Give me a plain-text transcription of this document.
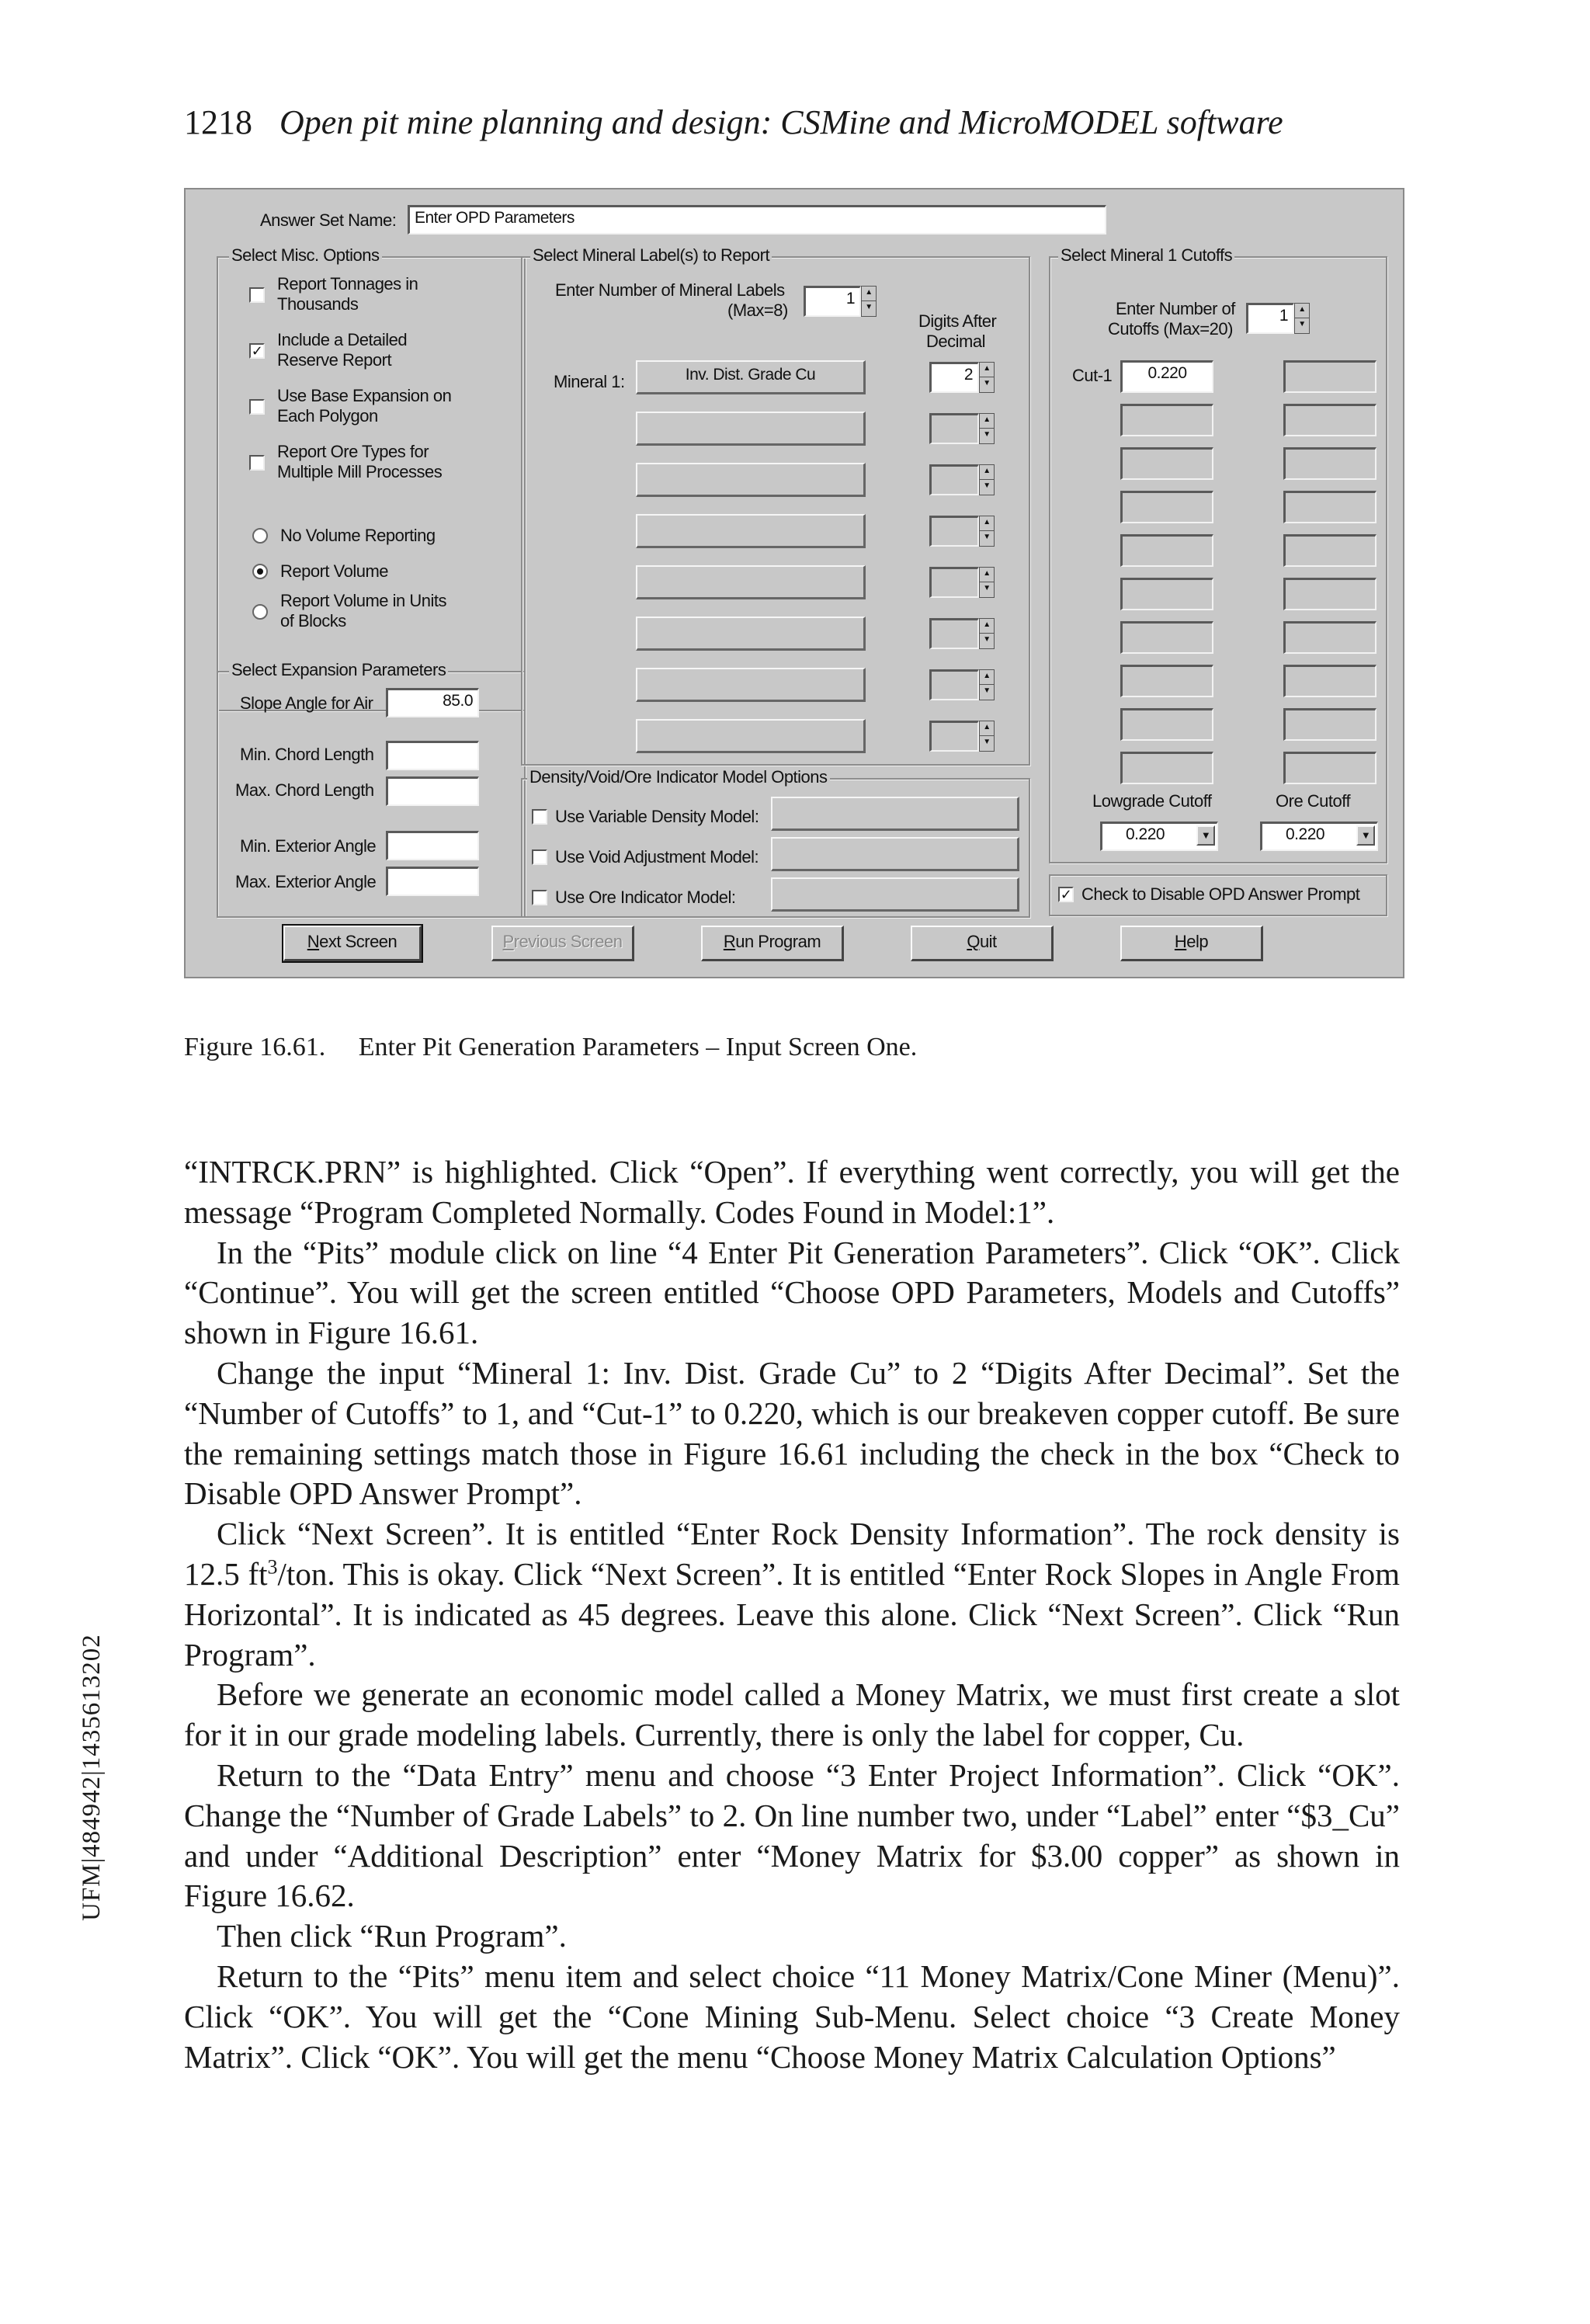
1218 Open pit mine planning and design: CSMine and MicroMODEL software
Answer Set Name:	Enter OPD Parameters
Select Misc. Options
Report Tonnages in
Thousands
✓
Include a Detailed
Reserve Report
Use Base Expansion on
Each Polygon
Report Ore Types for
Multiple Mill Processes
No Volume Reporting
Report Volume
Report Volume in Units
of Blocks
Select Expansion Parameters
Slope Angle for Air	85.0
Min. Chord Length
Max. Chord Length
Min. Exterior Angle
Max. Exterior Angle
Select Mineral Label(s) to Report
Enter Number of Mineral Labels
(Max=8)
1	▲
▼
Digits After
Decimal
Mineral 1:	Inv. Dist. Grade Cu	2	▲
▼
▲
▼
▲
▼
▲
▼
▲
▼
▲
▼
▲
▼
▲
▼
Density/Void/Ore Indicator Model Options
Use Variable Density Model:
Use Void Adjustment Model:
Use Ore Indicator Model:
Select Mineral 1 Cutoffs
Enter Number of
Cutoffs (Max=20)
1	▲
▼
Cut-1	0.220
Lowgrade Cutoff	Ore Cutoff
0.220	▼	0.220	▼
✓ Check to Disable OPD Answer Prompt
Next Screen	Previous Screen	Run Program	Quit	Help
Figure 16.61. Enter Pit Generation Parameters – Input Screen One.

“INTRCK.PRN” is highlighted. Click “Open”. If everything went correctly, you will get the message “Program Completed Normally. Codes Found in Model:1”.

In the “Pits” module click on line “4 Enter Pit Generation Parameters”. Click “OK”. Click “Continue”. You will get the screen entitled “Choose OPD Parameters, Models and Cutoffs” shown in Figure 16.61.

Change the input “Mineral 1: Inv. Dist. Grade Cu” to 2 “Digits After Decimal”. Set the “Number of Cutoffs” to 1, and “Cut-1” to 0.220, which is our breakeven copper cutoff. Be sure the remaining settings match those in Figure 16.61 including the check in the box “Check to Disable OPD Answer Prompt”.

Click “Next Screen”. It is entitled “Enter Rock Density Information”. The rock density is 12.5 $ft^3$/ton. This is okay. Click “Next Screen”. It is entitled “Enter Rock Slopes in Angle From Horizontal”. It is indicated as 45 degrees. Leave this alone. Click “Next Screen”. Click “Run Program”.

Before we generate an economic model called a Money Matrix, we must first create a slot for it in our grade modeling labels. Currently, there is only the label for copper, Cu.

Return to the “Data Entry” menu and choose “3 Enter Project Information”. Click “OK”. Change the “Number of Grade Labels” to 2. On line number two, under “Label” enter “$3_Cu” and under “Additional Description” enter “Money Matrix for $3.00 copper” as shown in Figure 16.62.

Then click “Run Program”.

Return to the “Pits” menu item and select choice “11 Money Matrix/Cone Miner (Menu)”. Click “OK”. You will get the “Cone Mining Sub-Menu. Select choice “3 Create Money Matrix”. Click “OK”. You will get the menu “Choose Money Matrix Calculation Options”

UFM|484942|1435613202
